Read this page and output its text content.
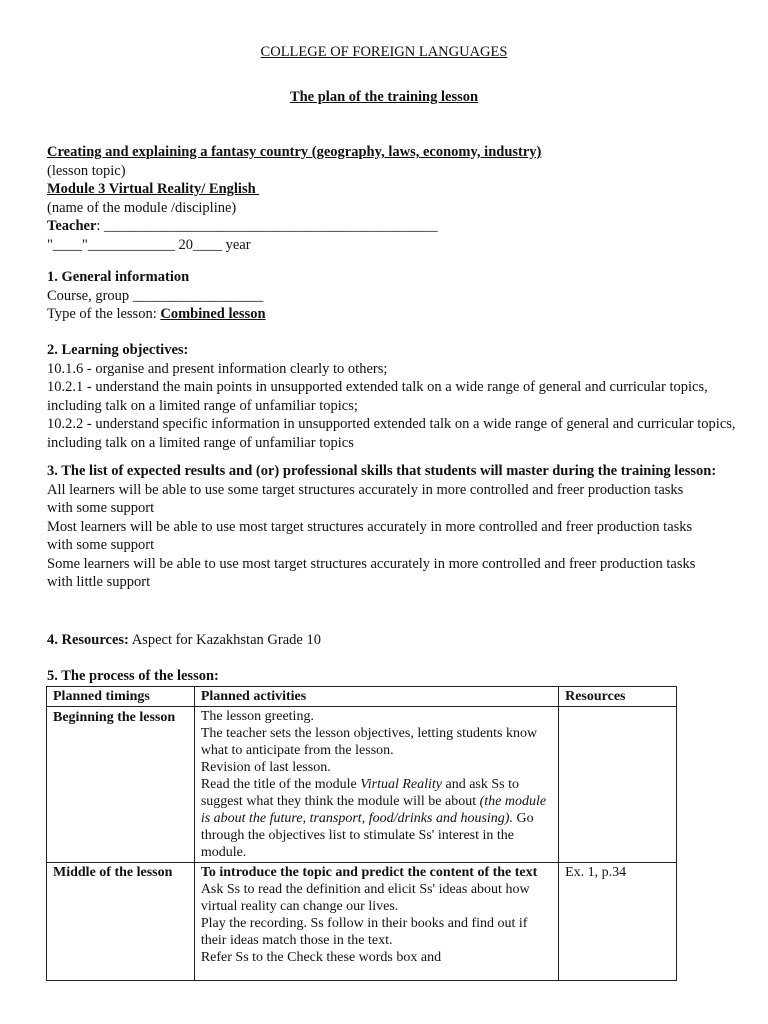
COLLEGE OF FOREIGN LANGUAGES
The plan of the training lesson

Creating and explaining a fantasy country (geography, laws, economy, industry)

(lesson topic)

Module 3 Virtual Reality/ English

(name of the module /discipline)

Teacher: ______________________________________________

"____"____________ 20____ year

1. General information

Course, group __________________

Type of the lesson: Combined lesson

2. Learning objectives:

10.1.6 - organise and present information clearly to others;

10.2.1 - understand the main points in unsupported extended talk on a wide range of general and curricular topics, including talk on a limited range of unfamiliar topics;

10.2.2 - understand specific information in unsupported extended talk on a wide range of general and curricular topics, including talk on a limited range of unfamiliar topics

3. The list of expected results and (or) professional skills that students will master during the training lesson:

All learners will be able to use some target structures accurately in more controlled and freer production tasks with some support

Most learners will be able to use most target structures accurately in more controlled and freer production tasks with some support

Some learners will be able to use most target structures accurately in more controlled and freer production tasks with little support

4. Resources: Aspect for Kazakhstan Grade 10
5. The process of the lesson:
Planned timings	Planned activities	Resources
Beginning the lesson	The lesson greeting.

The teacher sets the lesson objectives, letting students know what to anticipate from the lesson.

Revision of last lesson.

Read the title of the module Virtual Reality and ask Ss to suggest what they think the module will be about (the module is about the future, transport, food/drinks and housing). Go through the objectives list to stimulate Ss' interest in the module.	

Middle of the lesson	To introduce the topic and predict the content of the text

Ask Ss to read the definition and elicit Ss' ideas about how virtual reality can change our lives.

Play the recording. Ss follow in their books and find out if their ideas match those in the text.

Refer Ss to the Check these words box and	Ex. 1, p.34
